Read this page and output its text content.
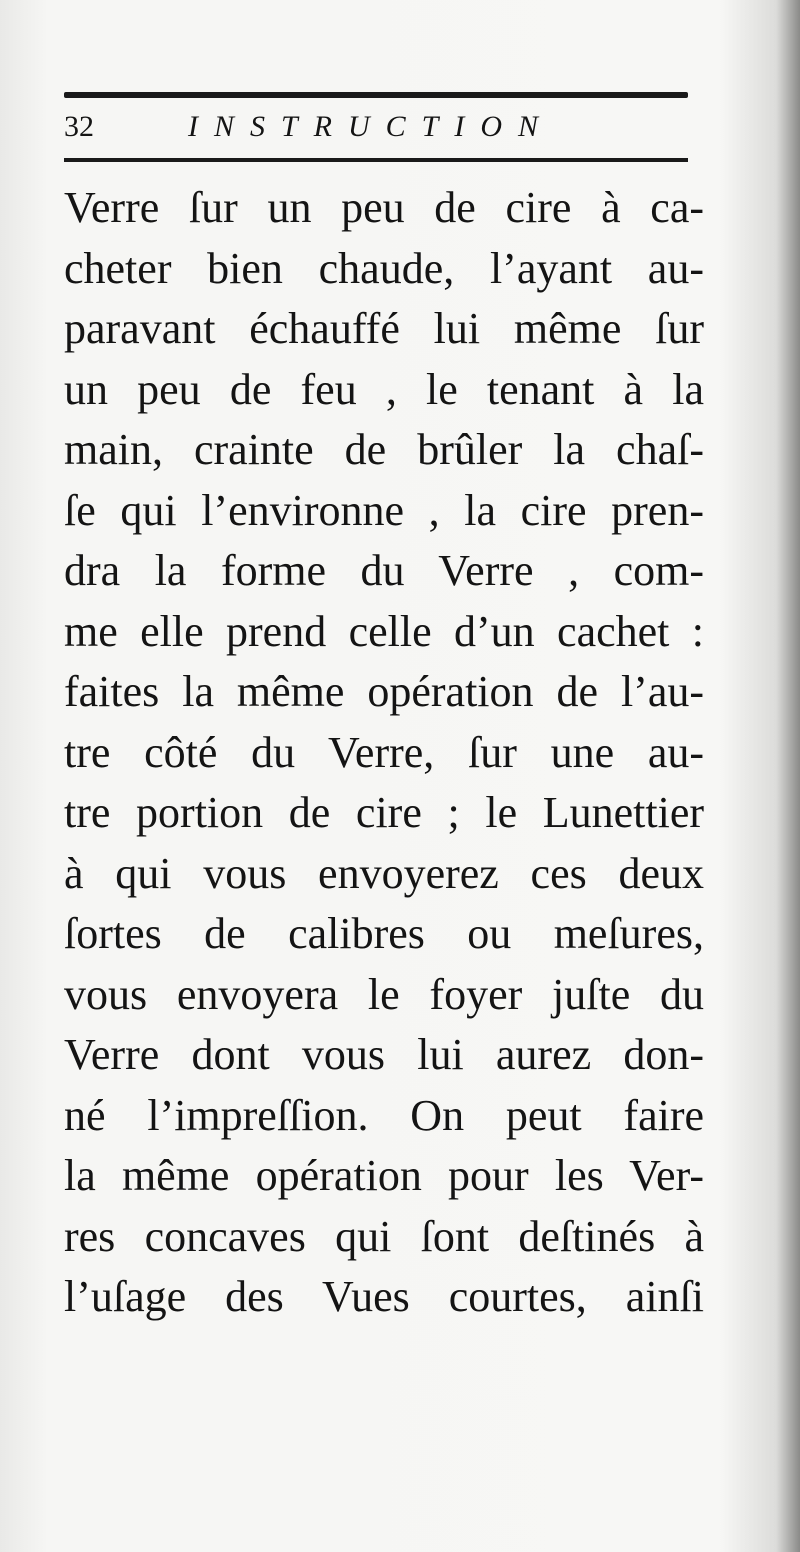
32	INSTRUCTION
Verre ſur un peu de cire à ca-
cheter bien chaude, l’ayant au-
paravant échauffé lui même ſur
un peu de feu , le tenant à la
main, crainte de brûler la chaſ-
ſe qui l’environne , la cire pren-
dra la forme du Verre , com-
me elle prend celle d’un cachet :
faites la même opération de l’au-
tre côté du Verre, ſur une au-
tre portion de cire ; le Lunettier
à qui vous envoyerez ces deux
ſortes de calibres ou meſures,
vous envoyera le foyer juſte du
Verre dont vous lui aurez don-
né l’impreſſion. On peut faire
la même opération pour les Ver-
res concaves qui ſont deſtinés à
l’uſage des Vues courtes, ainſi
